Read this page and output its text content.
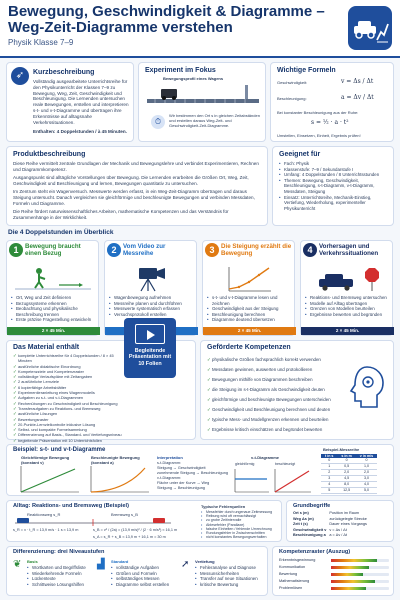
Bewegung, Geschwindigkeit & Diagramme – Weg-Zeit-Diagramme verstehen
Physik Klasse 7–9
➶	Kurzbeschreibung
Vollständig ausgearbeitete Unterrichtsreihe für den Physikunterricht der Klassen 7–9 zu Bewegung, Weg, Zeit, Geschwindigkeit und Beschleunigung. Die Lernenden untersuchen reale Bewegungen, erstellen und interpretieren s-t- und v-t-Diagramme und übertragen ihre Erkenntnisse auf alltagsnahe Verkehrssituationen.
Enthalten: 4 Doppelstunden / à 45 Minuten.
Experiment im Fokus
Bewegungsprofil eines Wagens
⏱
Wir bestimmen den Ort s in gleichen Zeitabständen und erstellen daraus Weg-Zeit- und Geschwindigkeit-Zeit-Diagramme.
Wichtige Formeln
Geschwindigkeit:	v = Δs / Δt
Beschleunigung:	a = Δv / Δt
Bei konstanter Beschleunigung aus der Ruhe:
s = ½ · a · t²
Umstellen, Einsetzen, Einheit, Ergebnis prüfen!
Produktbeschreibung
Diese Reihe vermittelt zentrale Grundlagen der Mechanik und Bewegungslehre und verbindet Experimentieren, Rechnen und Diagrammkompetenz.
Ausgangspunkt sind alltägliche Vorstellungen über Bewegung. Die Lernenden erarbeiten die Größen Ort, Weg, Zeit, Geschwindigkeit und Beschleunigung und lernen, Bewegungen quantitativ zu untersuchen.
Im Zentrum steht ein Wagenversuch. Messwerte werden erfasst, in ein Weg-Zeit-Diagramm übertragen und daraus Steigung untersucht. Danach vergleichen sie gleichförmige und beschleunigte Bewegungen und verbinden Messdaten, Formeln und Diagramme.
Die Reihe fördert naturwissenschaftliches Arbeiten, mathematische Kompetenzen und das Verständnis für Zusammenhänge in der Wirklichkeit.
Geeignet für
• Fach: Physik
• Klassenstufe: 7–9 / Sekundarstufe I
• Umfang: 4 Doppelstunden / 8 Unterrichtsstunden
• Themen: Bewegung, Geschwindigkeit, Beschleunigung, s-t-Diagramm, v-t-Diagramm, Messdaten, Steigung
• Einsatz: Unterrichtsreihe, Mechanik-Einstieg, Vertiefung, Wiederholung, experimenteller Physikunterricht
Die 4 Doppelstunden im Überblick
1	Bewegung braucht einen Bezug
• Ort, Weg und Zeit definieren
• Bezugssysteme erkennen
• Beobachtung und physikalische Beschreibung trennen
• Erste präzise Fragestellung entwickeln
2 × 45 Min.
2	Vom Video zur Messreihe
• Wagenbewegung aufnehmen
• Messreihe planen und durchführen
• Messwerte systematisch erfassen
• Versuchsprotokoll erstellen
3	Die Steigung erzählt die Bewegung
• s-t- und v-t-Diagramme lesen und zeichnen
• Geschwindigkeit aus der Steigung
• Beschleunigung berechnen
• Diagramme deutend übersetzen
2 × 45 Min.
4	Vorhersagen und Verkehrssituationen
• Reaktions- und Bremsweg untersuchen
• Modelle auf Alltag übertragen
• Grenzen von Modellen beurteilen
• Ergebnisse bewerten und begründen
2 × 45 Min.
Das Material enthält
✓ komplette Unterrichtsreihe für 4 Doppelstunden / 8 × 45 Minuten
✓ ausführliche didaktische Einordnung
✓ Kompetenzziele und Kompetenzraster
✓ vollständige Verlaufspläne mit Zeitangaben
✓ 2 ausführliche Lernziele
✓ 6 kopierfähige Arbeitsblätter
✓ Experimentieranleitung eines Wagenmodells
✓ Aufgaben zu s-t- und v-t-Diagrammen
✓ Rechenübungen zu Geschwindigkeit und Beschleunigung
✓ Transferaufgaben zu Reaktions- und Bremsweg
✓ ausführliche Lösungen
✓ Bewertungsraster
✓ 20-Punkte-Lernzielkontrolle inklusive Lösung
✓ Selbst- und kompakte Formelsammlung
✓ Differenzierung auf Basis-, Standard- und Vertiefungsniveau
✓ begleitende Präsentation mit 10 Unterrichtsfolien
Begleitende Präsentation mit 10 Folien
Geförderte Kompetenzen
✓ physikalische Größen fachsprachlich korrekt verwenden
✓ Messdaten gewinnen, auswerten und protokollieren
✓ Bewegungen mithilfe von Diagrammen beschreiben
✓ die Steigung im s-t-Diagramm als Geschwindigkeit deuten
✓ gleichförmige und beschleunigte Bewegungen unterscheiden
✓ Geschwindigkeit und Beschleunigung berechnen und deuten
✓ typische Mess- und Modellgrenzen erkennen und beurteilen
✓ Ergebnisse kritisch einschätzen und begründet bewerten
Beispiel: s-t- und v-t-Diagramme
Gleichförmige Bewegung (konstant v)
Beschleunigte Bewegung (konstant a)
Interpretation
s-t-Diagramm:
Steigung → Geschwindigkeit
zunehmende Steigung → Beschleunigung
v-t-Diagramm:
Fläche unter der Kurve → Weg
Steigung → Beschleunigung
v-t-Diagramme
gleichförmig	beschleunigt
Beispiel-Messreihe
t in s	s in m	v in m/s
0	0	0
1	0,5	1,0
2	2,0	2,0
3	4,5	3,0
4	8,0	4,0
5	12,5	5,0
Alltag: Reaktions- und Bremsweg (Beispiel)
Reaktionsweg s_R	Bremsweg s_B
s_R = v · t_R = 13,9 m/s · 1 s ≈ 13,9 m	s_B = v² / (2a) = (13,9 m/s)² / (2 · 6 m/s²) ≈ 16,1 m
s_A = s_R + s_B ≈ 13,9 m + 16,1 m = 30 m
Typische Fehlerquellen
• Messfehler durch ungenaue Zeitmessung
• Reibung wird oft vernachlässigt
• zu grobe Zeitintervalle
• Ablesefehler (Parallaxe)
• falsche Einheiten / fehlende Umrechnung
• Rundungsfehler in Zwischenschritten
• nicht konstantes Bewegungsverhalten
Grundbegriffe
Ort s (m)	Position im Raum
Weg Δs (m)	zurückgelegte Strecke
Zeit t (s)	Dauer eines Vorgangs
Geschwindigkeit v	v = Δs / Δt
Beschleunigung a	a = Δv / Δt
Differenzierung: drei Niveaustufen
❦ Basis
• Wortkarten und Begriffsliste
• Wiederkehrende Formeln
• Lückentexte
• Schrittweise Lösungshilfen
▟ Standard
• vollständige Aufgaben
• Größen und Formeln
• selbständiges Messen
• Diagramme selbst erstellen
➚ Vertiefung
• Fehleranalyse und Diagnose
• Messunsicherheiten
• Transfer auf neue Situationen
• kritische Bewertung
Kompetenzraster (Auszug)
Erkenntnisgewinnung
Kommunikation
Bewertung
Mathematisierung
Problemlösen
